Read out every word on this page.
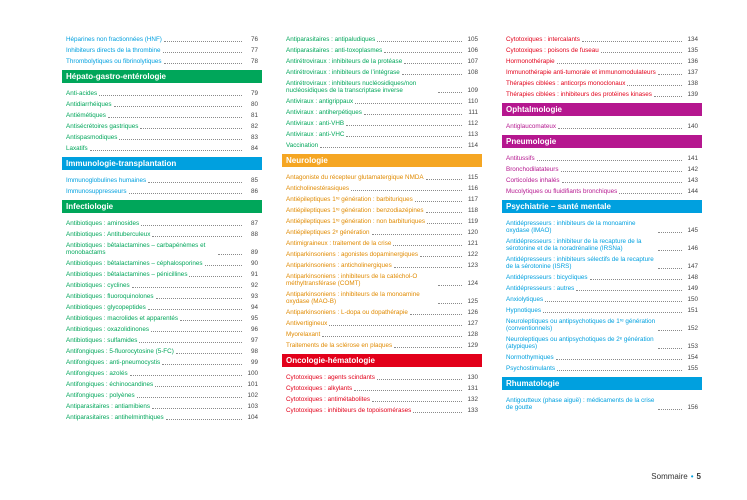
Héparines non fractionnées (HNF)	76
Inhibiteurs directs de la thrombine	77
Thrombolytiques ou fibrinolytiques	78
Hépato-gastro-entérologie
Anti-acides	79
Antidiarrhéiques	80
Antiémétiques	81
Antisécrétoires gastriques	82
Antispasmodiques	83
Laxatifs	84
Immunologie-transplantation
Immunoglobulines humaines	85
Immunosuppresseurs	86
Infectiologie
Antibiotiques : aminosides	87
Antibiotiques : Antituberculeux	88
Antibiotiques : bêtalactamines – carbapénèmes et monobactams	89
Antibiotiques : bêtalactamines – céphalosporines	90
Antibiotiques : bêtalactamines – pénicillines	91
Antibiotiques : cyclines	92
Antibiotiques : fluoroquinolones	93
Antibiotiques : glycopeptides	94
Antibiotiques : macrolides et apparentés	95
Antibiotiques : oxazolidinones	96
Antibiotiques : sulfamides	97
Antifongiques : 5-fluorocytosine (5-FC)	98
Antifongiques : anti-pneumocystis	99
Antifongiques : azolés	100
Antifongiques : échinocandines	101
Antifongiques : polyènes	102
Antiparasitaires : antiamibiens	103
Antiparasitaires : antihelminthiques	104
Antiparasitaires : antipaludiques	105
Antiparasitaires : anti-toxoplasmes	106
Antirétroviraux : inhibiteurs de la protéase	107
Antirétroviraux : inhibiteurs de l’intégrase	108
Antirétroviraux : inhibiteurs nucléosidiques/non nucléosidiques de la transcriptase inverse	109
Antiviraux : antigrippaux	110
Antiviraux : antiherpétiques	111
Antiviraux : anti-VHB	112
Antiviraux : anti-VHC	113
Vaccination	114
Neurologie
Antagoniste du récepteur glutamatergique NMDA	115
Anticholinestérasiques	116
Antiépileptiques 1ʳᵉ génération : barbituriques	117
Antiépileptiques 1ʳᵉ génération : benzodiazépines	118
Antiépileptiques 1ʳᵉ génération : non barbituriques	119
Antiépileptiques 2ᵉ génération	120
Antimigraineux : traitement de la crise	121
Antiparkinsoniens : agonistes dopaminergiques	122
Antiparkinsoniens : anticholinergiques	123
Antiparkinsoniens : inhibiteurs de la catéchol-O méthyltransférase (COMT)	124
Antiparkinsoniens : inhibiteurs de la monoamine oxydase (MAO-B)	125
Antiparkinsoniens : L-dopa ou dopathérapie	126
Antivertigineux	127
Myorelaxant	128
Traitements de la sclérose en plaques	129
Oncologie-hématologie
Cytotoxiques : agents scindants	130
Cytotoxiques : alkylants	131
Cytotoxiques : antimétabolites	132
Cytotoxiques : inhibiteurs de topoisomérases	133
Cytotoxiques : intercalants	134
Cytotoxiques : poisons de fuseau	135
Hormonothérapie	136
Immunothérapie anti-tumorale et immunomodulateurs	137
Thérapies ciblées : anticorps monoclonaux	138
Thérapies ciblées : inhibiteurs des protéines kinases	139
Ophtalmologie
Antiglaucomateux	140
Pneumologie
Antitussifs	141
Bronchodilatateurs	142
Corticoïdes inhalés	143
Mucolytiques ou fluidifiants bronchiques	144
Psychiatrie – santé mentale
Antidépresseurs : inhibiteurs de la monoamine oxydase (IMAO)	145
Antidépresseurs : inhibiteur de la recapture de la sérotonine et de la noradrénaline (IRSNa)	146
Antidépresseurs : inhibiteurs sélectifs de la recapture de la sérotonine (ISRS)	147
Antidépresseurs : bicycliques	148
Antidépresseurs : autres	149
Anxiolytiques	150
Hypnotiques	151
Neuroleptiques ou antipsychotiques de 1ʳᵉ génération (conventionnels)	152
Neuroleptiques ou antipsychotiques de 2ᵉ génération (atypiques)	153
Normothymiques	154
Psychostimulants	155
Rhumatologie
Antigoutteux (phase aiguë) : médicaments de la crise de goutte	156
Sommaire • 5
